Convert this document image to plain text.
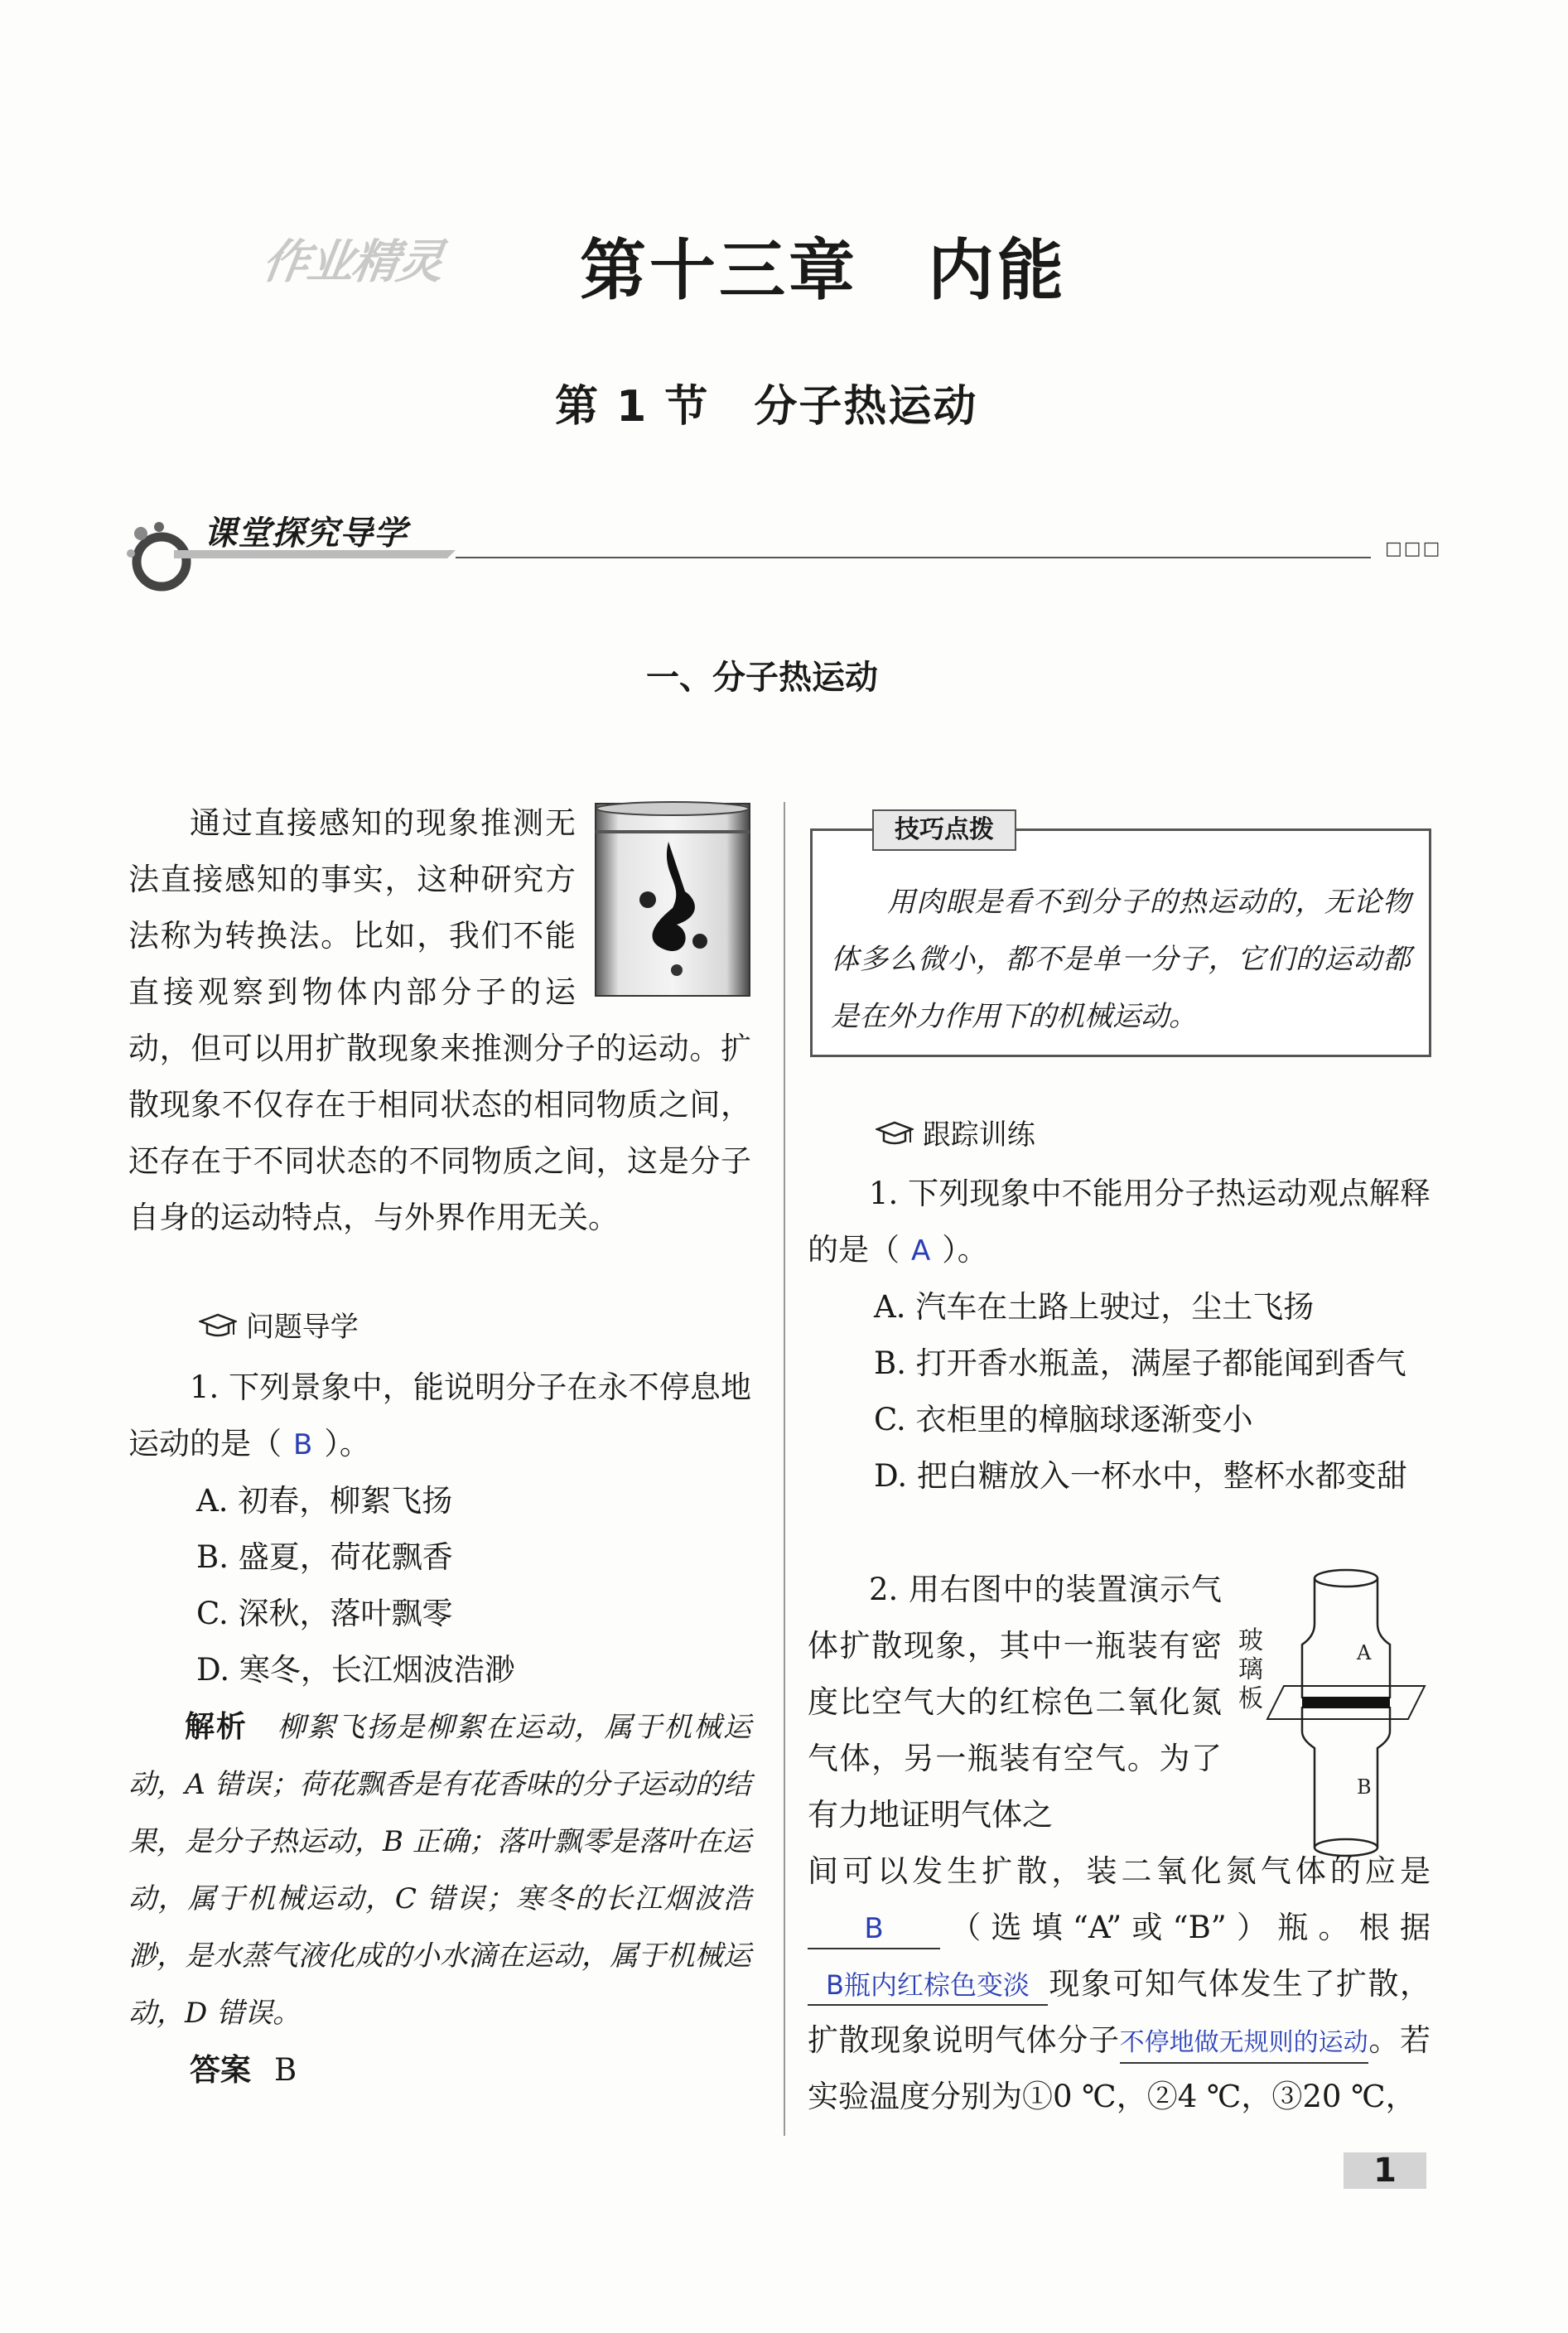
作业精灵 第十三章　内能
第 1 节　分子热运动
课堂探究导学	□□□
一、分子热运动

通过直接感知的现象推测无法直接感知的事实，这种研究方法称为转换法。比如，我们不能直接观察到物体内部分子的运动，但可以用扩散现象来推测分子的运动。扩散现象不仅存在于相同状态的相同物质之间，还存在于不同状态的不同物质之间，这是分子自身的运动特点，与外界作用无关。

问题导学

1. 下列景象中，能说明分子在永不停息地运动的是（ B ）。

A. 初春，柳絮飞扬

B. 盛夏，荷花飘香

C. 深秋，落叶飘零

D. 寒冬，长江烟波浩渺

解析 柳絮飞扬是柳絮在运动，属于机械运动，A 错误；荷花飘香是有花香味的分子运动的结果，是分子热运动，B 正确；落叶飘零是落叶在运动，属于机械运动，C 错误；寒冬的长江烟波浩渺，是水蒸气液化成的小水滴在运动，属于机械运动，D 错误。

答案 B

技巧点拨

用肉眼是看不到分子的热运动的，无论物体多么微小，都不是单一分子，它们的运动都是在外力作用下的机械运动。

跟踪训练

1. 下列现象中不能用分子热运动观点解释的是（ A ）。

A. 汽车在土路上驶过，尘土飞扬

B. 打开香水瓶盖，满屋子都能闻到香气

C. 衣柜里的樟脑球逐渐变小

D. 把白糖放入一杯水中，整杯水都变甜

A
B
玻
璃
板

2. 用右图中的装置演示气体扩散现象，其中一瓶装有密度比空气大的红棕色二氧化氮气体，另一瓶装有空气。为了有力地证明气体之

间可以发生扩散，装二氧化氮气体的应是B （选填“A”或“B”）瓶。根据B瓶内红棕色变淡 现象可知气体发生了扩散，扩散现象说明气体分子不停地做无规则的运动。若实验温度分别为①0 ℃，②4 ℃，③20 ℃，

1
